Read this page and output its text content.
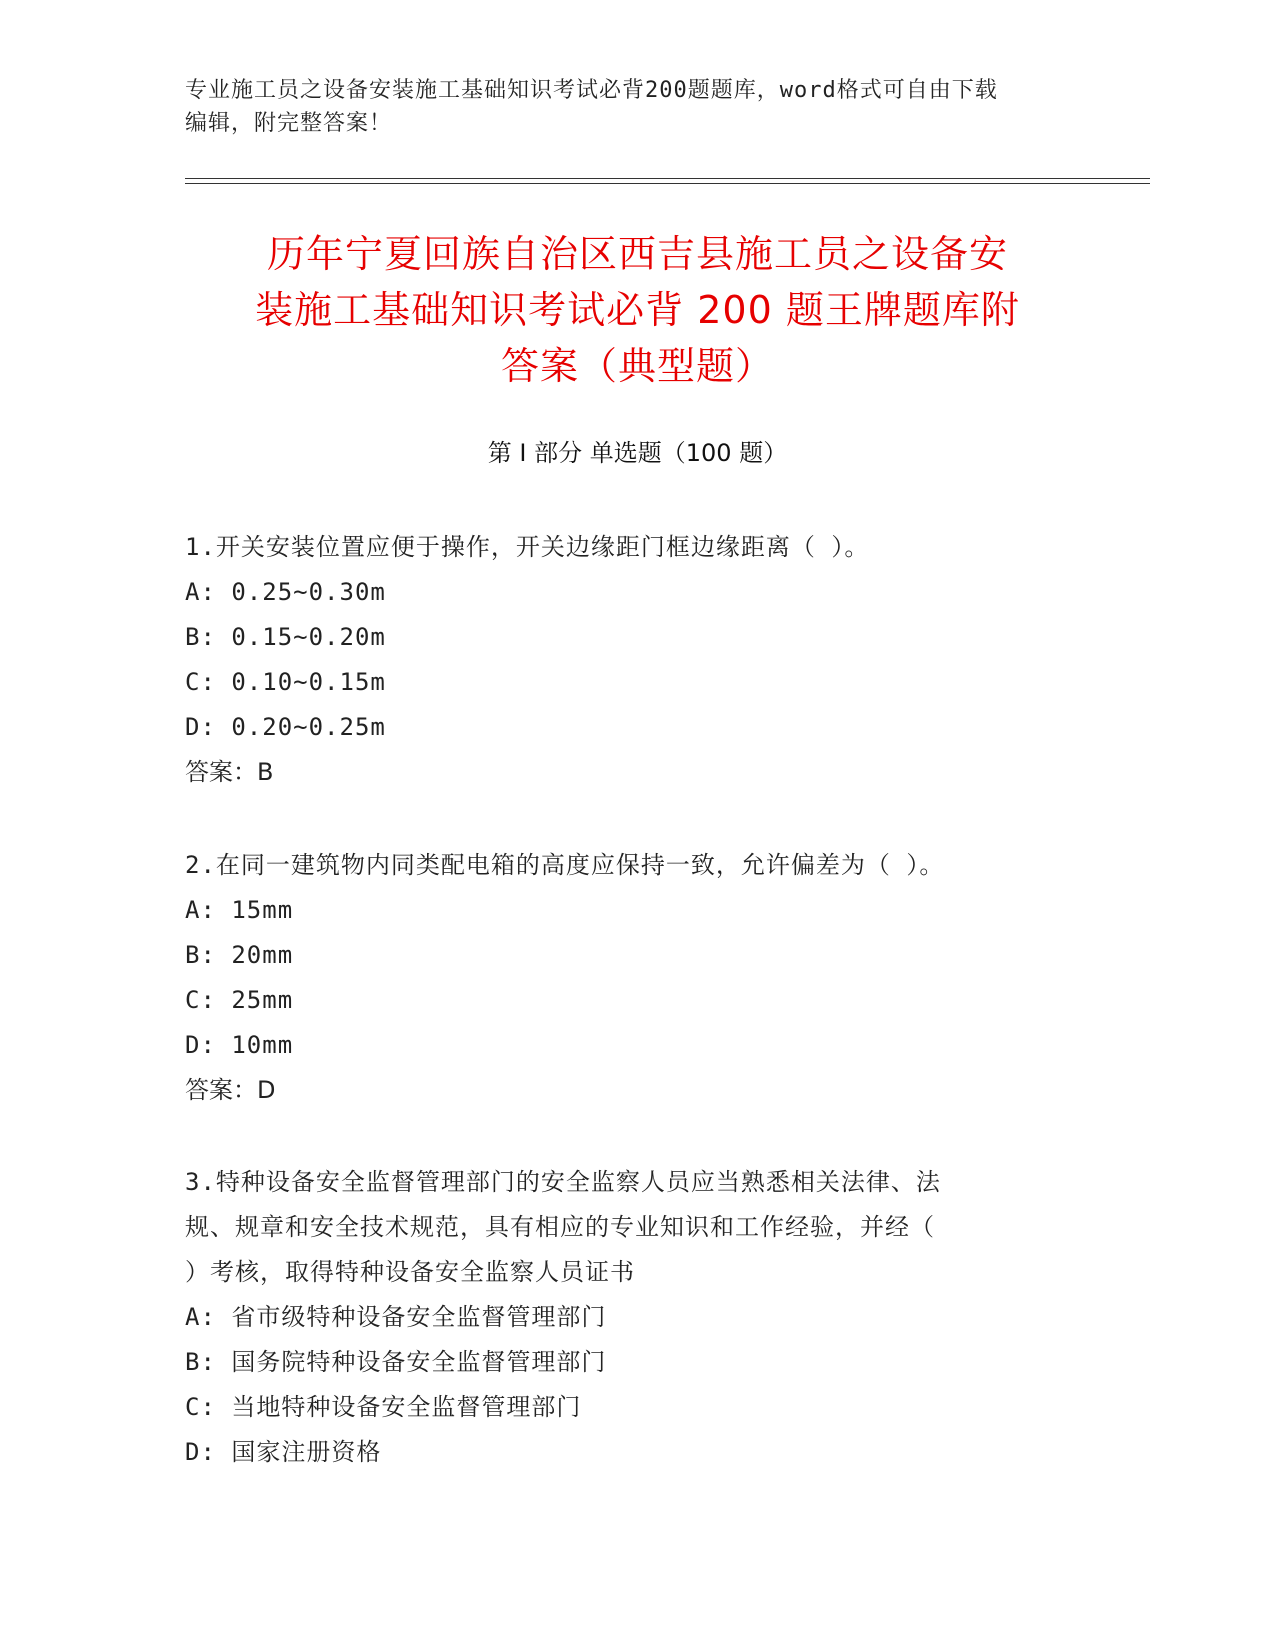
专业施工员之设备安装施工基础知识考试必背200题题库，word格式可自由下载
编辑，附完整答案！
历年宁夏回族自治区西吉县施工员之设备安
装施工基础知识考试必背 200 题王牌题库附
答案（典型题）
第 I 部分 单选题（100 题）
1.开关安装位置应便于操作，开关边缘距门框边缘距离（ ）。
A: 0.25~0.30m
B: 0.15~0.20m
C: 0.10~0.15m
D: 0.20~0.25m
答案：B
2.在同一建筑物内同类配电箱的高度应保持一致，允许偏差为（ ）。
A: 15mm
B: 20mm
C: 25mm
D: 10mm
答案：D
3.特种设备安全监督管理部门的安全监察人员应当熟悉相关法律、法
规、规章和安全技术规范，具有相应的专业知识和工作经验，并经（
）考核，取得特种设备安全监察人员证书
A: 省市级特种设备安全监督管理部门
B: 国务院特种设备安全监督管理部门
C: 当地特种设备安全监督管理部门
D: 国家注册资格
